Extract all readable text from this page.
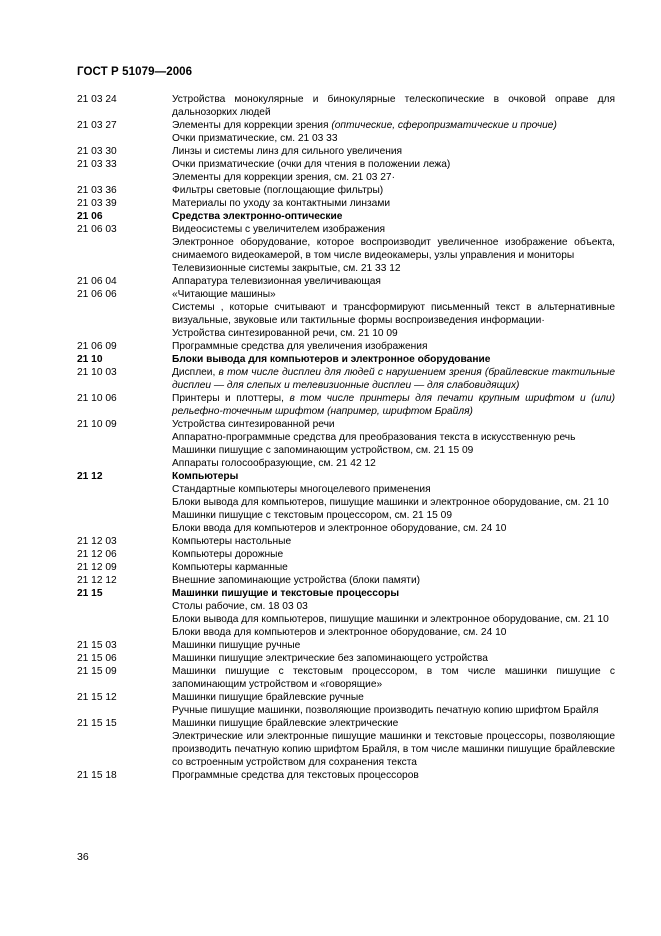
ГОСТ Р 51079—2006
21 03 24	Устройства монокулярные и бинокулярные телескопические в очковой оправе для дальнозорких людей
21 03 27	Элементы для коррекции зрения (оптические, сферопризматические и прочие)
Очки призматические, см. 21 03 33
21 03 30	Линзы и системы линз для сильного увеличения
21 03 33	Очки призматические (очки для чтения в положении лежа)
Элементы для коррекции зрения, см. 21 03 27·
21 03 36	Фильтры световые (поглощающие фильтры)
21 03 39	Материалы по уходу за контактными линзами
21 06	Средства электронно-оптические
21 06 03	Видеосистемы с увеличителем изображения
Электронное оборудование, которое воспроизводит увеличенное изображение объекта, снимаемого видеокамерой, в том числе видеокамеры, узлы управления и мониторы
Телевизионные системы закрытые, см. 21 33 12
21 06 04	Аппаратура телевизионная увеличивающая
21 06 06	«Читающие машины»
Системы , которые считывают и трансформируют письменный текст в альтернативные визуальные, звуковые или тактильные формы воспроизведения информации·
Устройства синтезированной речи, см. 21 10 09
21 06 09	Программные средства для увеличения изображения
21 10	Блоки вывода для компьютеров и электронное оборудование
21 10 03	Дисплеи, в том числе дисплеи для людей с нарушением зрения (брайлевские тактильные дисплеи — для слепых и телевизионные дисплеи — для слабовидящих)
21 10 06	Принтеры и плоттеры, в том числе принтеры для печати крупным шрифтом и (или) рельефно-точечным шрифтом (например, шрифтом Брайля)
21 10 09	Устройства синтезированной речи
Аппаратно-программные средства для преобразования текста в искусственную речь
Машинки пишущие с запоминающим устройством, см. 21 15 09
Аппараты голосообразующие, см. 21 42 12
21 12	Компьютеры
Стандартные компьютеры многоцелевого применения
Блоки вывода для компьютеров, пишущие машинки и электронное оборудование, см. 21 10
Машинки пишущие с текстовым процессором, см. 21 15 09
Блоки ввода для компьютеров и электронное оборудование, см. 24 10
21 12 03	Компьютеры настольные
21 12 06	Компьютеры дорожные
21 12 09	Компьютеры карманные
21 12 12	Внешние запоминающие устройства (блоки памяти)
21 15	Машинки пишущие и текстовые процессоры
Столы рабочие, см. 18 03 03
Блоки вывода для компьютеров, пишущие машинки и электронное оборудование, см. 21 10
Блоки ввода для компьютеров и электронное оборудование, см. 24 10
21 15 03	Машинки пишущие ручные
21 15 06	Машинки пишущие электрические без запоминающего устройства
21 15 09	Машинки пишущие с текстовым процессором, в том числе машинки пишущие с запоминающим устройством и «говорящие»
21 15 12	Машинки пишущие брайлевские ручные
Ручные пишущие машинки, позволяющие производить печатную копию шрифтом Брайля
21 15 15	Машинки пишущие брайлевские электрические
Электрические или электронные пишущие машинки и текстовые процессоры, позволяющие производить печатную копию шрифтом Брайля, в том числе машинки пишущие брайлевские со встроенным устройством для сохранения текста
21 15 18	Программные средства для текстовых процессоров
36
